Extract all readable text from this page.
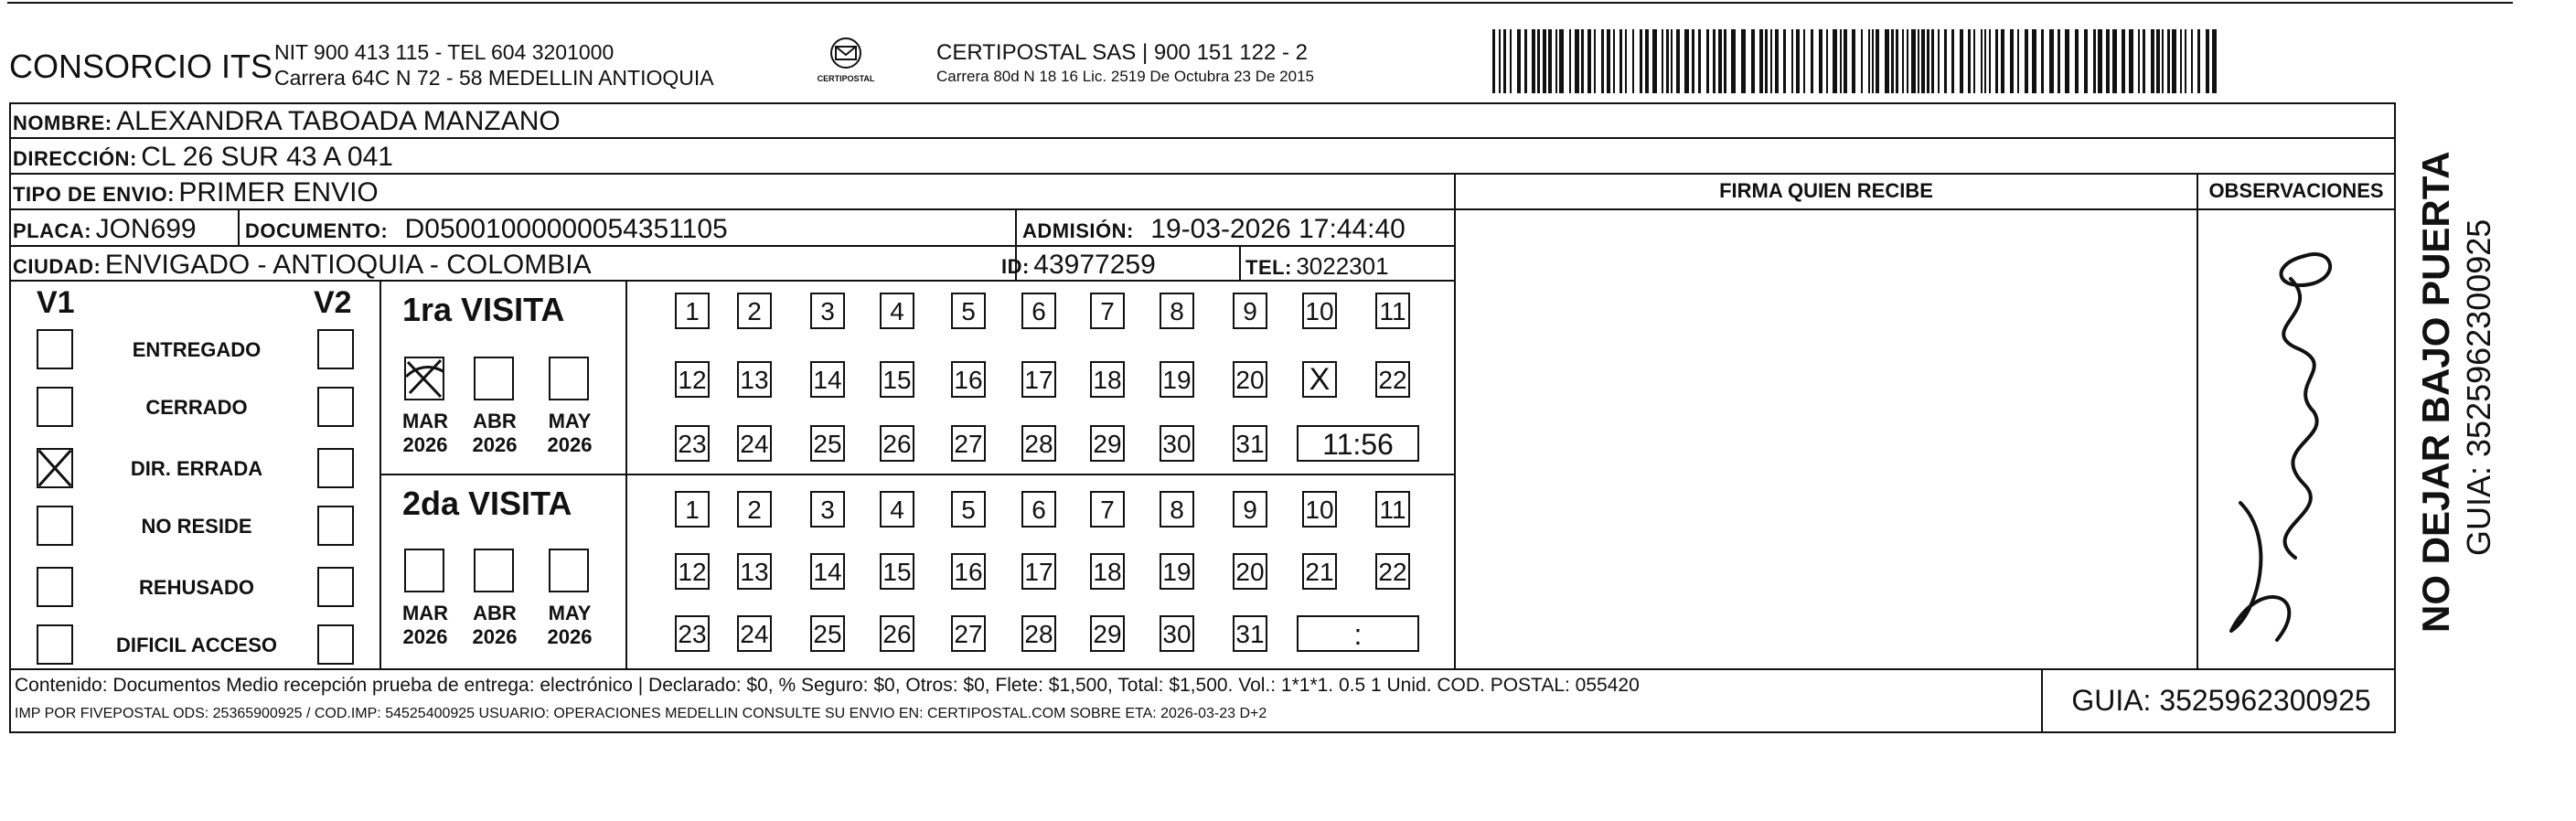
CONSORCIO ITS NIT 900 413 115 - TEL 604 3201000
Carrera 64C N 72 - 58 MEDELLIN ANTIOQUIA	CERTIPOSTAL
CERTIPOSTAL SAS | 900 151 122 - 2
Carrera 80d N 18 16 Lic. 2519 De Octubra 23 De 2015
NOMBRE: ALEXANDRA TABOADA MANZANO
DIRECCIÓN: CL 26 SUR 43 A 041
TIPO DE ENVIO: PRIMER ENVIO
PLACA: JON699 DOCUMENTO: D05001000000054351105	ADMISIÓN: 19-03-2026 17:44:40
CIUDAD: ENVIGADO - ANTIOQUIA - COLOMBIA	ID: 43977259	TEL: 3022301
FIRMA QUIEN RECIBE	OBSERVACIONES
V1	V2
ENTREGADO
CERRADO
DIR. ERRADA
NO RESIDE
REHUSADO
DIFICIL ACCESO
1ra VISITA
2da VISITA
MAR
2026
ABR
2026
MAY
2026
MAR
2026
ABR
2026
MAY
2026
1	2	3	4	5	6	7	8	9	10 11
12 13 14 15 16 17 18 19 20
X	22
23 24 25 26 27 28 29 30 31	11:56
1	2	3	4	5	6	7	8	9	10 11
12 13 14 15 16 17 18 19 20 21 22
23 24 25 26 27 28 29 30 31	:
Contenido: Documentos Medio recepción prueba de entrega: electrónico | Declarado: $0, % Seguro: $0, Otros: $0, Flete: $1,500, Total: $1,500. Vol.: 1*1*1. 0.5 1 Unid. COD. POSTAL: 055420
IMP POR FIVEPOSTAL ODS: 25365900925 / COD.IMP: 54525400925 USUARIO: OPERACIONES MEDELLIN CONSULTE SU ENVIO EN: CERTIPOSTAL.COM SOBRE ETA: 2026-03-23 D+2	GUIA: 3525962300925
NO DEJAR BAJO PUERTA GUIA: 3525962300925
